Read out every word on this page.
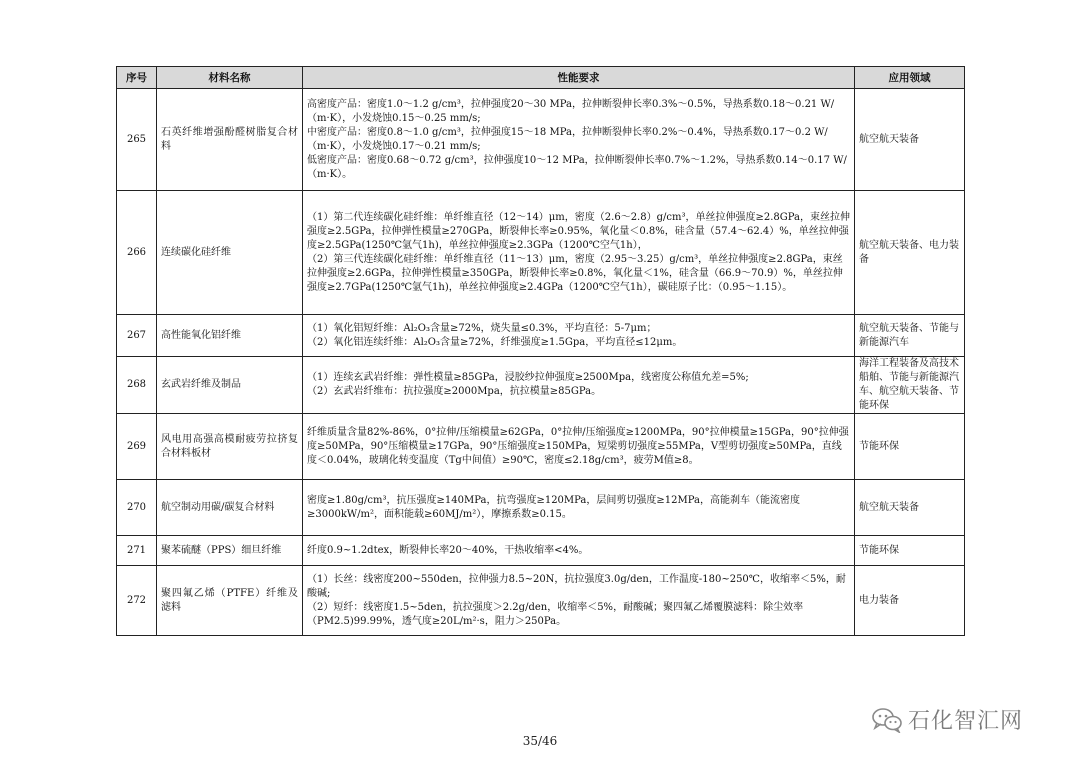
序号	材料名称	性能要求	应用领域
265	石英纤维增强酚醛树脂复合材料	高密度产品：密度1.0～1.2 g/cm³，拉伸强度20～30 MPa，拉伸断裂伸长率0.3%～0.5%，导热系数0.18～0.21 W/（m·K），小发烧蚀0.15～0.25 mm/s;
中密度产品：密度0.8～1.0 g/cm³，拉伸强度15～18 MPa，拉伸断裂伸长率0.2%～0.4%，导热系数0.17～0.2 W/（m·K），小发烧蚀0.17～0.21 mm/s;
低密度产品：密度0.68～0.72 g/cm³，拉伸强度10～12 MPa，拉伸断裂伸长率0.7%～1.2%，导热系数0.14～0.17 W/（m·K）。	航空航天装备
266	连续碳化硅纤维	（1）第二代连续碳化硅纤维：单纤维直径（12～14）μm，密度（2.6～2.8）g/cm³，单丝拉伸强度≥2.8GPa，束丝拉伸强度≥2.5GPa，拉伸弹性模量≥270GPa，断裂伸长率≥0.95%，氧化量＜0.8%，硅含量（57.4～62.4）%，单丝拉伸强度≥2.5GPa(1250℃氩气1h)，单丝拉伸强度≥2.3GPa（1200℃空气1h），
（2）第三代连续碳化硅纤维：单纤维直径（11～13）μm，密度（2.95～3.25）g/cm³，单丝拉伸强度≥2.8GPa，束丝拉伸强度≥2.6GPa，拉伸弹性模量≥350GPa，断裂伸长率≥0.8%，氧化量＜1%，硅含量（66.9～70.9）%，单丝拉伸强度≥2.7GPa(1250℃氩气1h)，单丝拉伸强度≥2.4GPa（1200℃空气1h），碳硅原子比：（0.95～1.15）。	航空航天装备、电力装备
267	高性能氧化铝纤维	（1）氧化铝短纤维：Al₂O₃含量≥72%，烧失量≤0.3%，平均直径：5-7μm；
（2）氧化铝连续纤维：Al₂O₃含量≥72%，纤维强度≥1.5Gpa，平均直径≤12μm。	航空航天装备、节能与新能源汽车
268	玄武岩纤维及制品	（1）连续玄武岩纤维：弹性模量≥85GPa，浸胶纱拉伸强度≥2500Mpa，线密度公称值允差=5%;
（2）玄武岩纤维布：抗拉强度≥2000Mpa，抗拉模量≥85GPa。	海洋工程装备及高技术船舶、节能与新能源汽车、航空航天装备、节能环保
269	风电用高强高模耐疲劳拉挤复合材料板材	纤维质量含量82%-86%，0°拉伸/压缩模量≥62GPa，0°拉伸/压缩强度≥1200MPa，90°拉伸模量≥15GPa，90°拉伸强度≥50MPa，90°压缩模量≥17GPa，90°压缩强度≥150MPa，短梁剪切强度≥55MPa，V型剪切强度≥50MPa，直线度＜0.04%，玻璃化转变温度（Tg中间值）≥90℃，密度≤2.18g/cm³，疲劳M值≥8。	节能环保
270	航空制动用碳/碳复合材料	密度≥1.80g/cm³，抗压强度≥140MPa，抗弯强度≥120MPa，层间剪切强度≥12MPa，高能刹车（能流密度≥3000kW/m²，面积能载≥60MJ/m²），摩擦系数≥0.15。	航空航天装备
271	聚苯硫醚（PPS）细旦纤维	纤度0.9~1.2dtex，断裂伸长率20～40%，干热收缩率<4%。	节能环保
272	聚四氟乙烯（PTFE）纤维及滤料	（1）长丝：线密度200~550den，拉伸强力8.5~20N，抗拉强度3.0g/den，工作温度-180~250℃，收缩率＜5%，耐酸碱;
（2）短纤：线密度1.5~5den，抗拉强度＞2.2g/den，收缩率＜5%，耐酸碱；聚四氟乙烯覆膜滤料：除尘效率（PM2.5)99.99%，透气度≥20L/m²·s，阻力＞250Pa。	电力装备
石化智汇网
35/46
